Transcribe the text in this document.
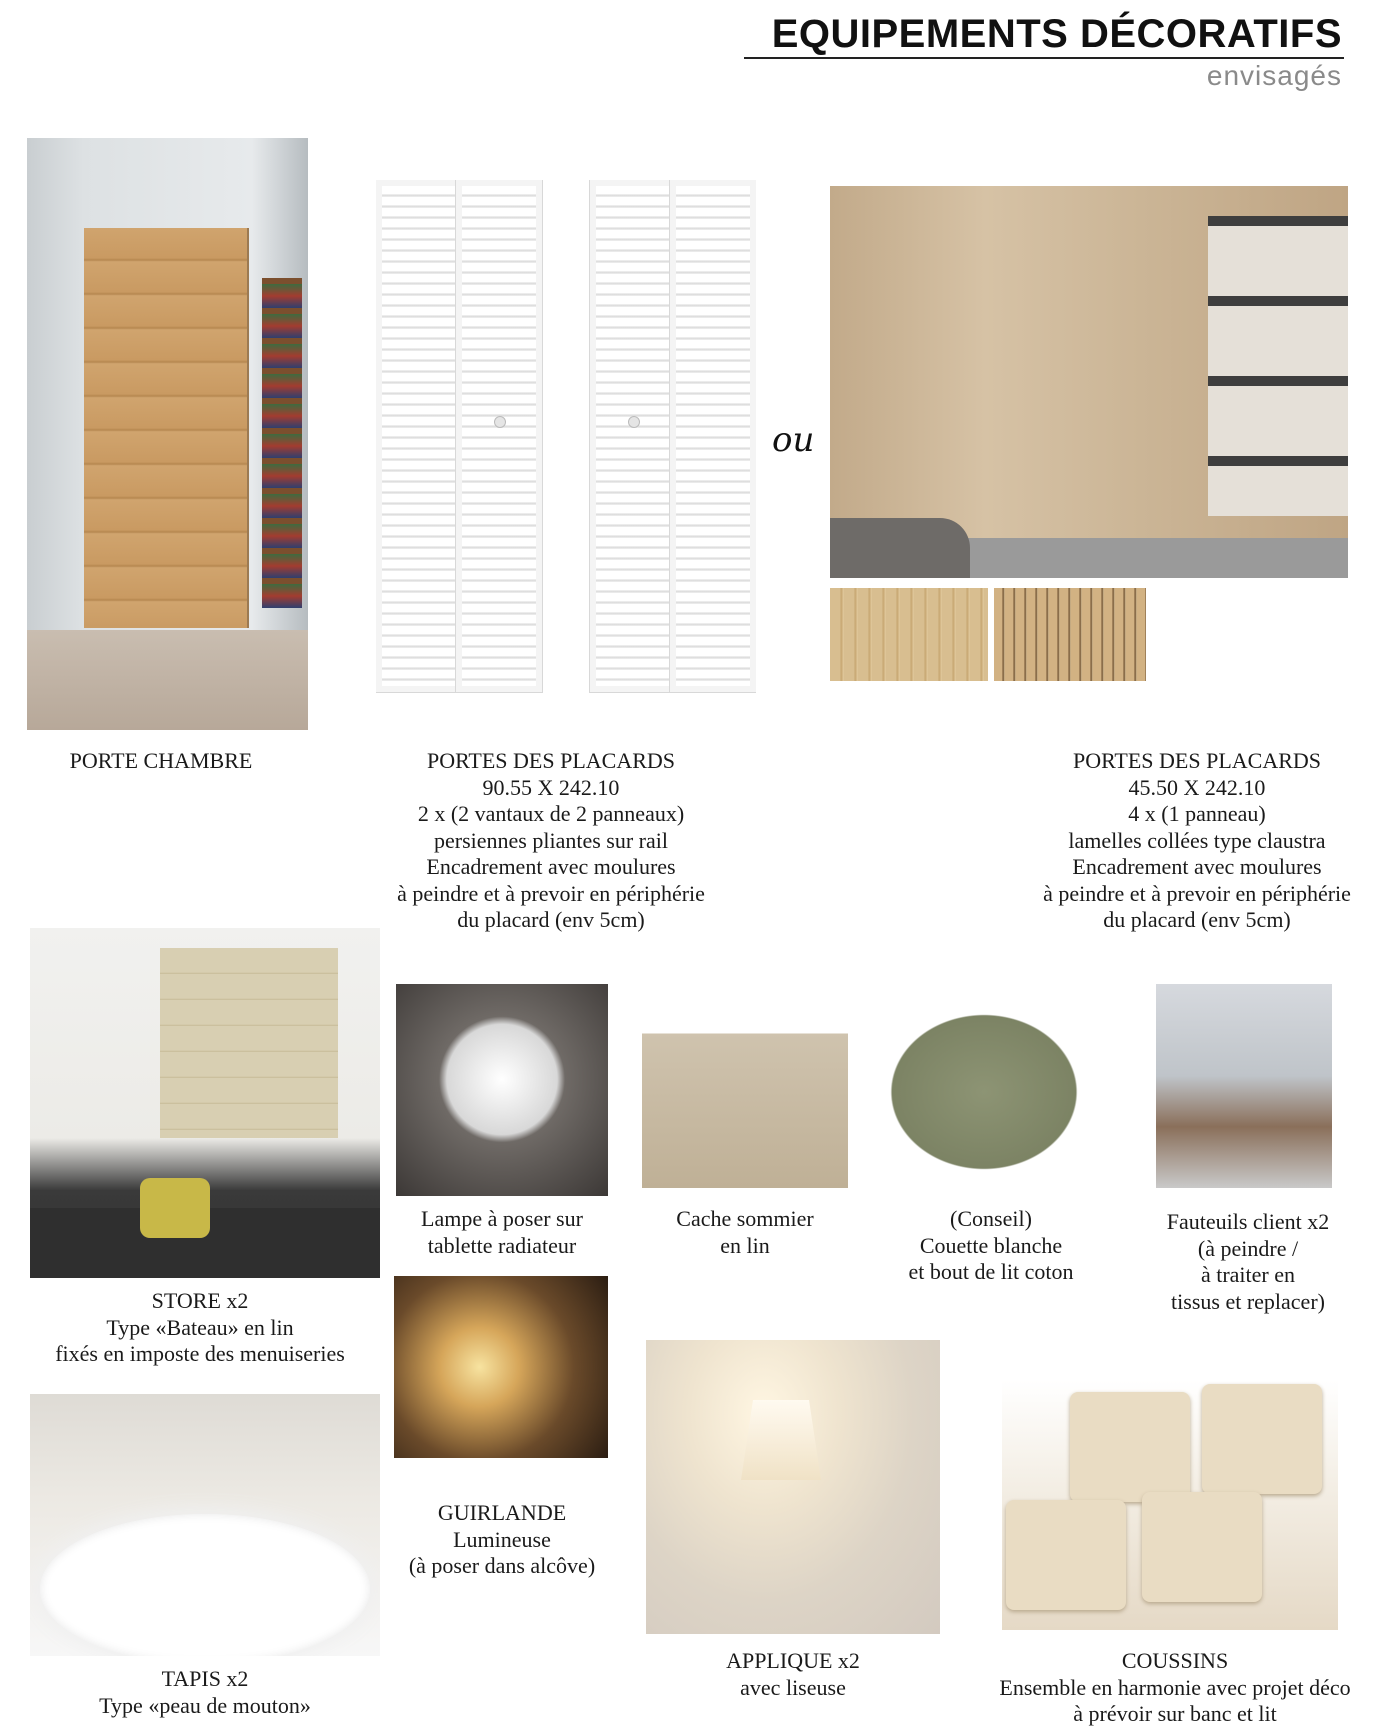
EQUIPEMENTS DÉCORATIFS
envisagés
ou
PORTE CHAMBRE	PORTES DES PLACARDS
90.55 X 242.10
2 x (2 vantaux de 2 panneaux)
persiennes pliantes sur rail
Encadrement avec moulures
à peindre et à prevoir en périphérie
du placard (env 5cm)
PORTES DES PLACARDS
45.50 X 242.10
4 x (1 panneau)
lamelles collées type claustra
Encadrement avec moulures
à peindre et à prevoir en périphérie
du placard (env 5cm)
Lampe à poser sur
tablette radiateur
Cache sommier
en lin
(Conseil)
Couette blanche
et bout de lit coton
Fauteuils client x2
(à peindre /
à traiter en
tissus et replacer)
STORE x2
Type «Bateau» en lin
fixés en imposte des menuiseries
GUIRLANDE
Lumineuse
(à poser dans alcôve)
TAPIS x2
Type «peau de mouton»
APPLIQUE x2
avec liseuse
COUSSINS
Ensemble en harmonie avec projet déco
à prévoir sur banc et lit
